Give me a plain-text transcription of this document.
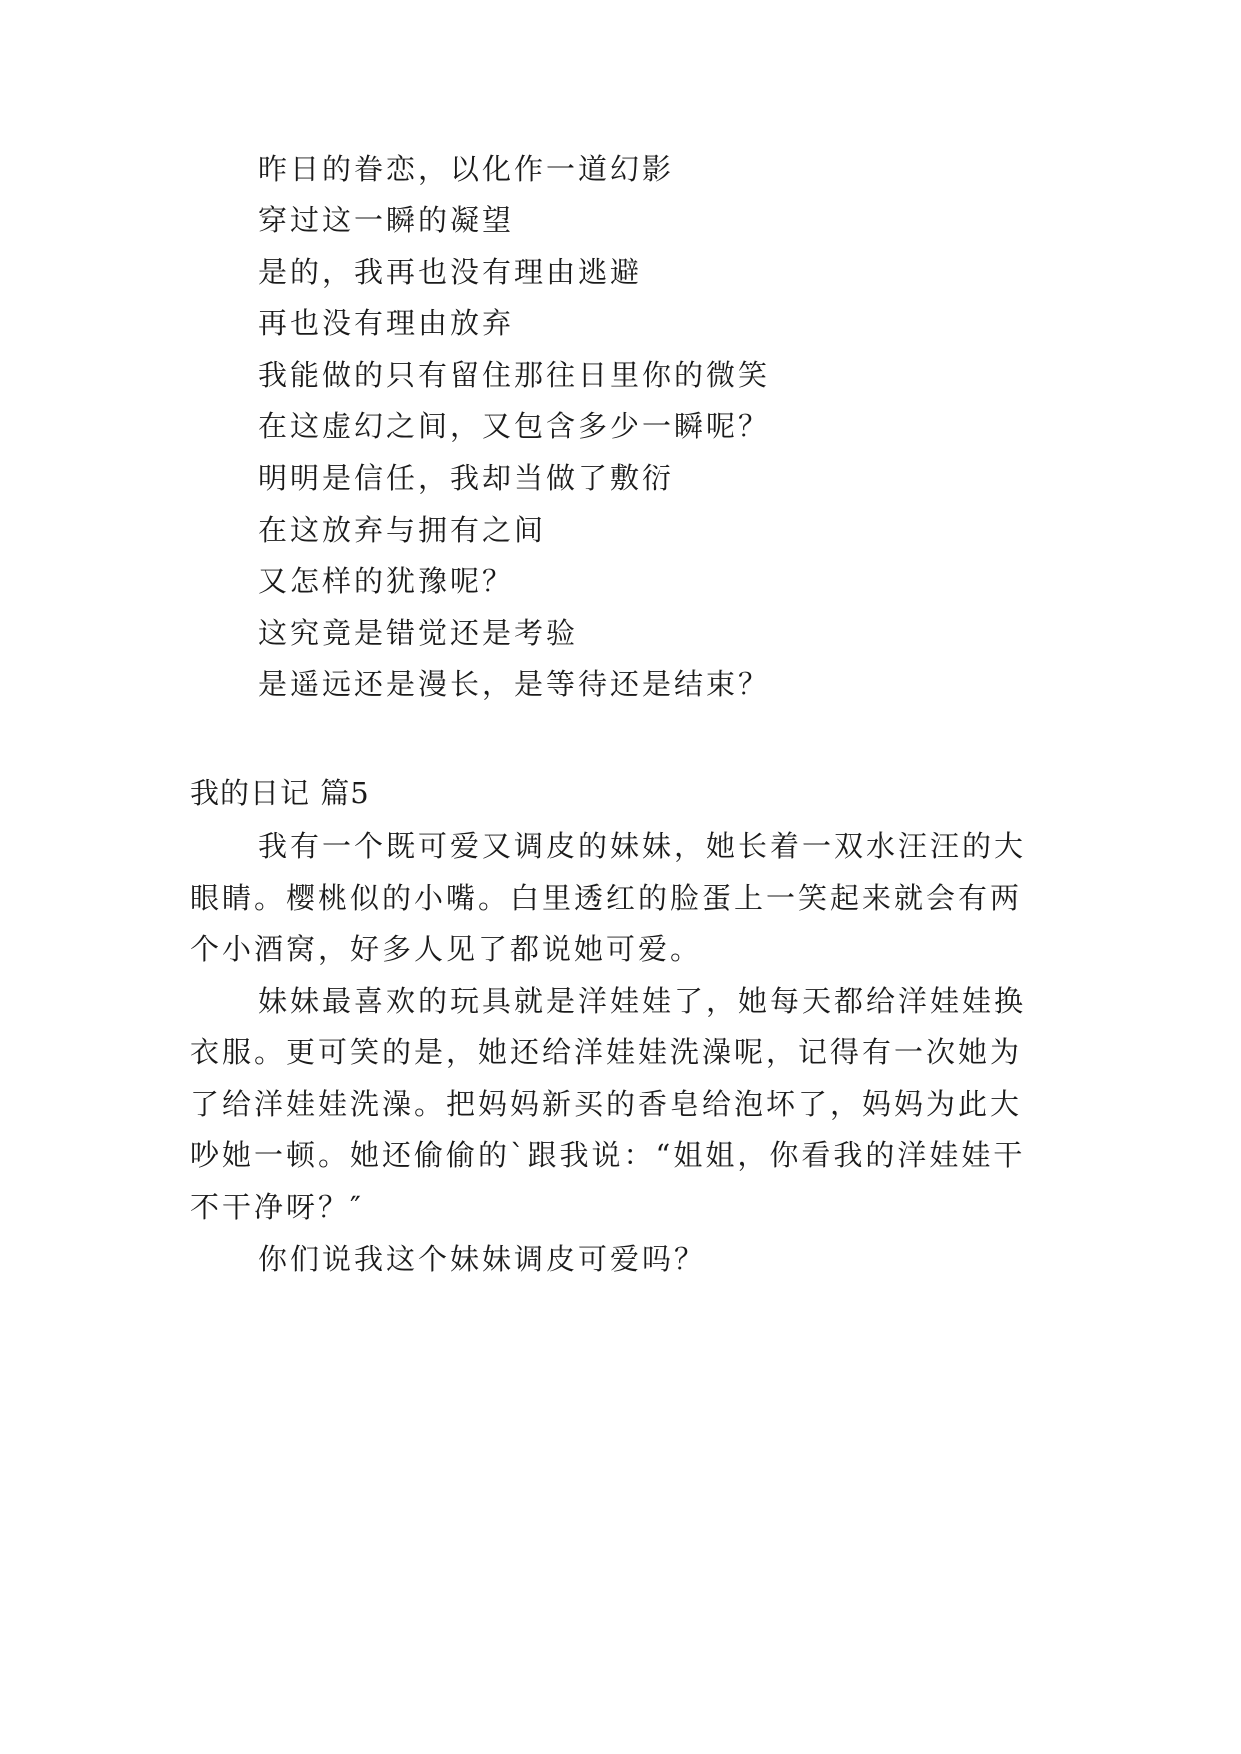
昨日的眷恋，以化作一道幻影
穿过这一瞬的凝望
是的，我再也没有理由逃避
再也没有理由放弃
我能做的只有留住那往日里你的微笑
在这虚幻之间，又包含多少一瞬呢？
明明是信任，我却当做了敷衍
在这放弃与拥有之间
又怎样的犹豫呢？
这究竟是错觉还是考验
是遥远还是漫长，是等待还是结束？
我的日记 篇5
我有一个既可爱又调皮的妹妹，她长着一双水汪汪的大
眼睛。樱桃似的小嘴。白里透红的脸蛋上一笑起来就会有两
个小酒窝，好多人见了都说她可爱。
妹妹最喜欢的玩具就是洋娃娃了，她每天都给洋娃娃换
衣服。更可笑的是，她还给洋娃娃洗澡呢，记得有一次她为
了给洋娃娃洗澡。把妈妈新买的香皂给泡坏了，妈妈为此大
吵她一顿。她还偷偷的`跟我说：“姐姐，你看我的洋娃娃干
不干净呀？″
你们说我这个妹妹调皮可爱吗？
